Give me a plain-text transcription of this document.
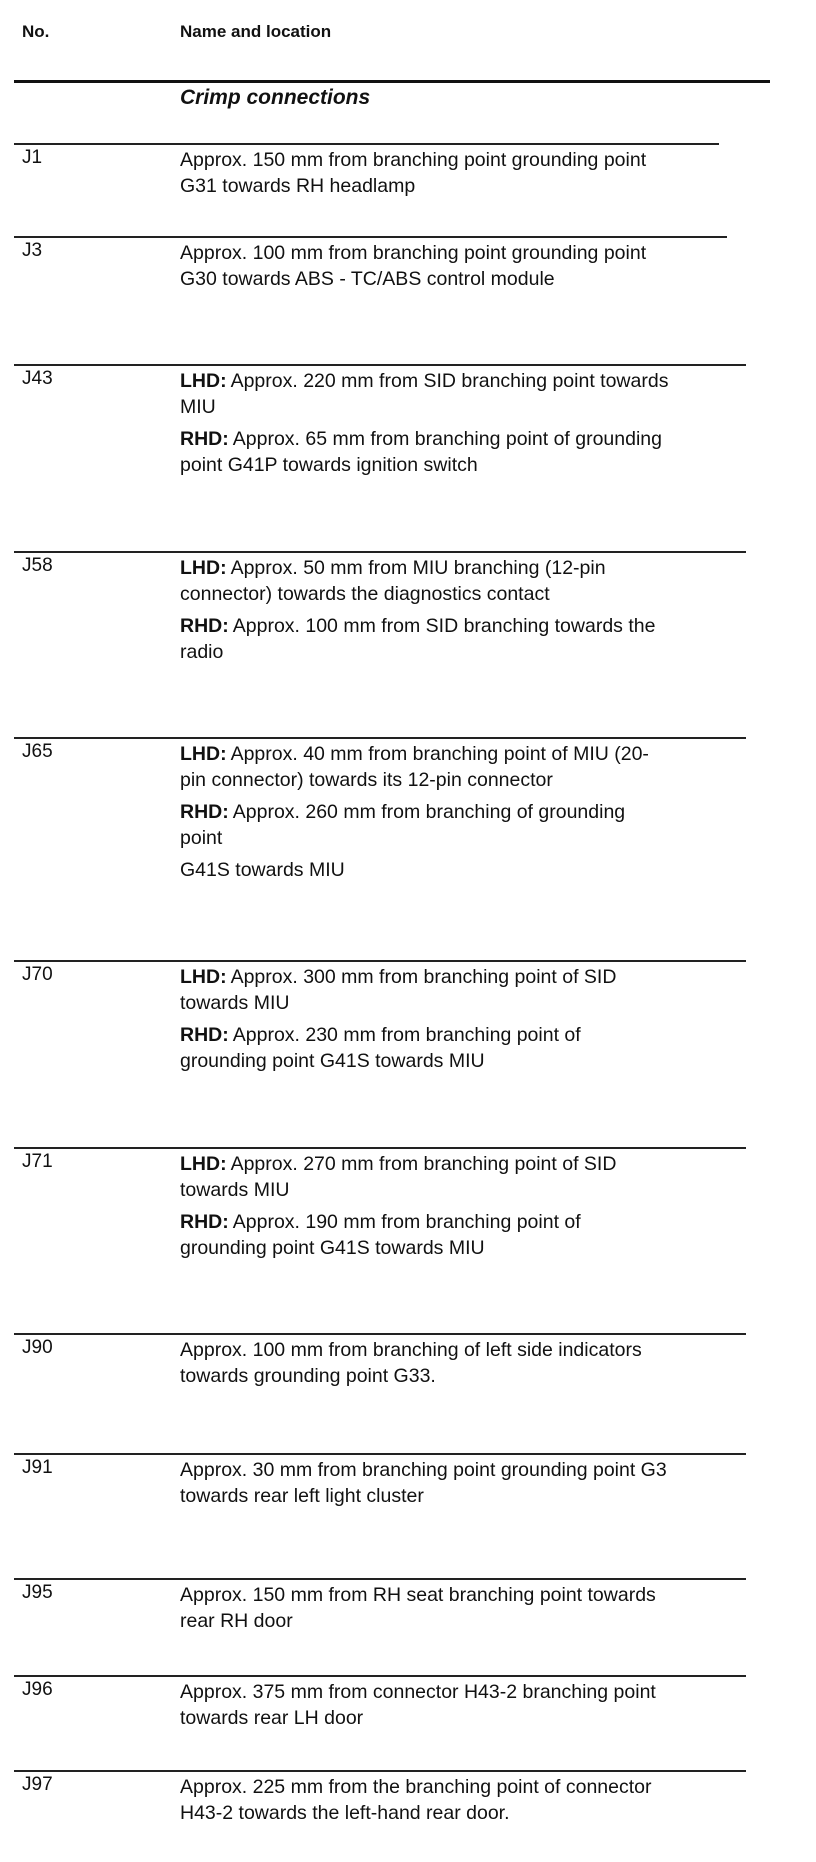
No.	Name and location
Crimp connections
J1	Approx. 150 mm from branching point grounding point G31 towards RH headlamp
J3	Approx. 100 mm from branching point grounding point G30 towards ABS - TC/ABS control module
J43	LHD: Approx. 220 mm from SID branching point towards MIU
RHD: Approx. 65 mm from branching point of grounding point G41P towards ignition switch
J58	LHD: Approx. 50 mm from MIU branching (12-pin connector) towards the diagnostics contact
RHD: Approx. 100 mm from SID branching towards the radio
J65	LHD: Approx. 40 mm from branching point of MIU (20-pin connector) towards its 12-pin connector
RHD: Approx. 260 mm from branching of grounding point
G41S towards MIU
J70	LHD: Approx. 300 mm from branching point of SID towards MIU
RHD: Approx. 230 mm from branching point of grounding point G41S towards MIU
J71	LHD: Approx. 270 mm from branching point of SID towards MIU
RHD: Approx. 190 mm from branching point of grounding point G41S towards MIU
J90	Approx. 100 mm from branching of left side indicators towards grounding point G33.
J91	Approx. 30 mm from branching point grounding point G3 towards rear left light cluster
J95	Approx. 150 mm from RH seat branching point towards rear RH door
J96	Approx. 375 mm from connector H43-2 branching point towards rear LH door
J97	Approx. 225 mm from the branching point of connector H43-2 towards the left-hand rear door.
